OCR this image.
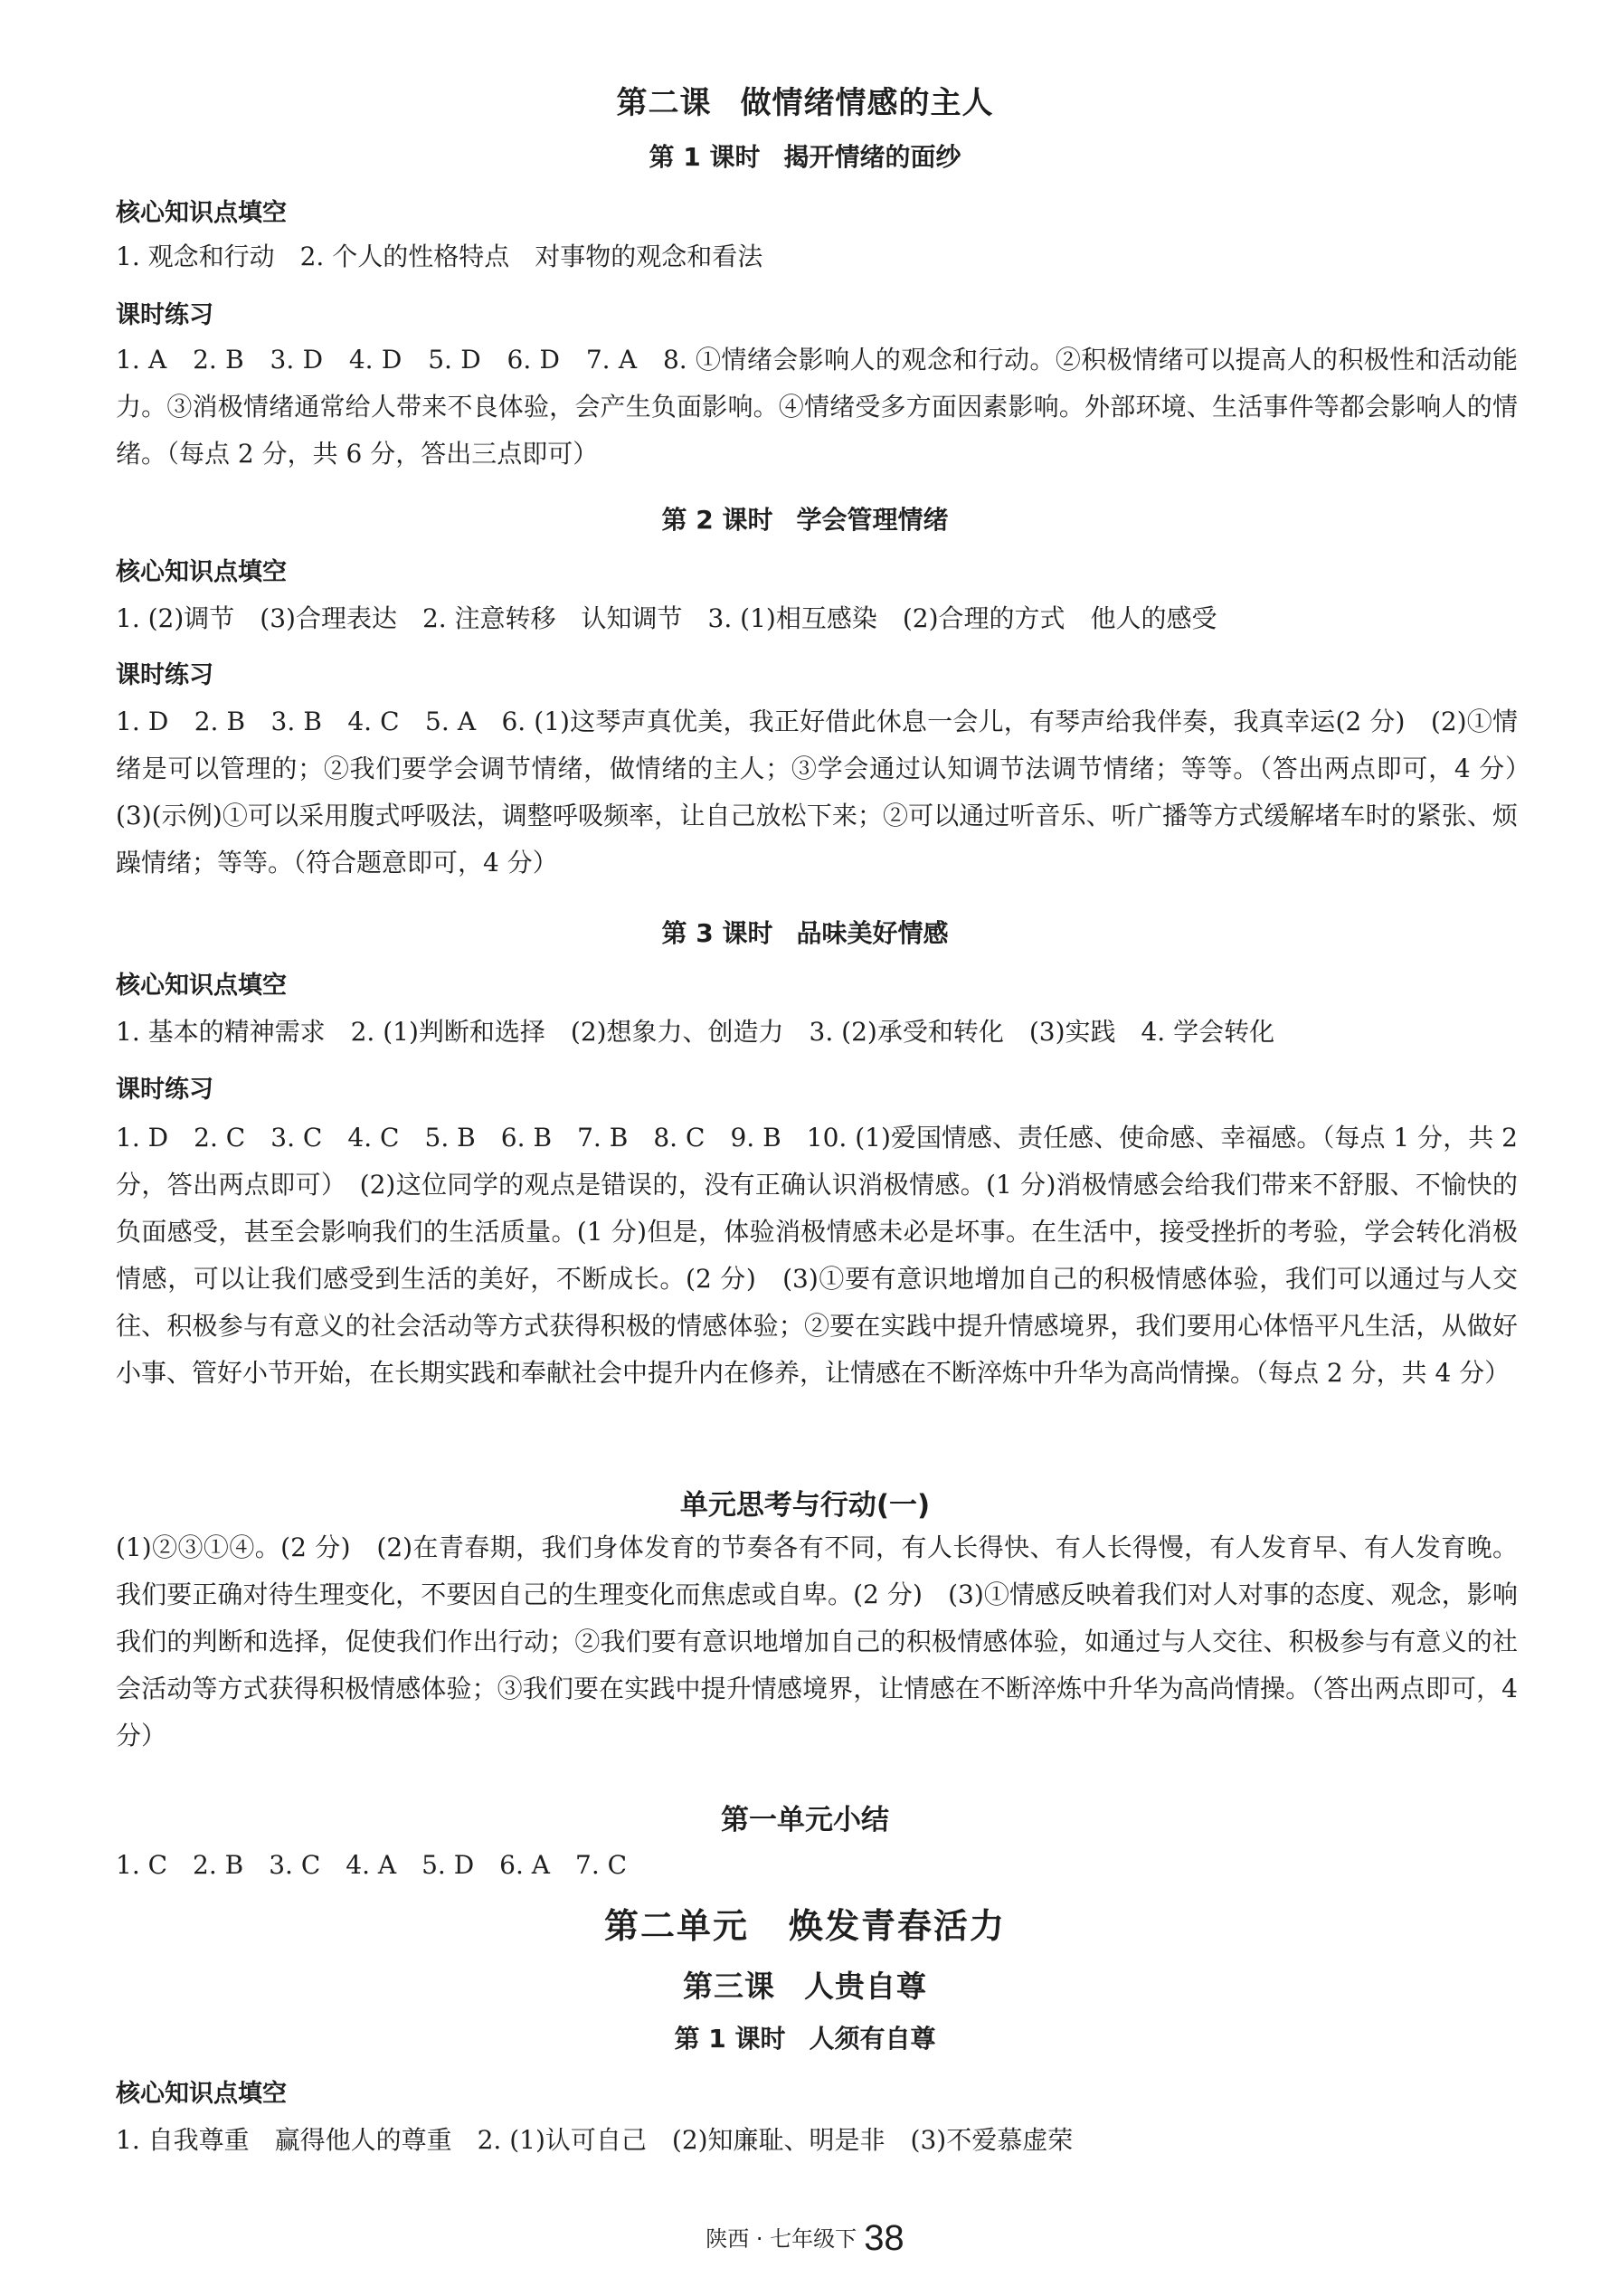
第二课 做情绪情感的主人
第 1 课时 揭开情绪的面纱
核心知识点填空
1. 观念和行动　2. 个人的性格特点　对事物的观念和看法
课时练习
1. A　2. B　3. D　4. D　5. D　6. D　7. A　8. ①情绪会影响人的观念和行动。②积极情绪可以提高人的积极性和活动能力。③消极情绪通常给人带来不良体验，会产生负面影响。④情绪受多方面因素影响。外部环境、生活事件等都会影响人的情绪。（每点 2 分，共 6 分，答出三点即可）
第 2 课时 学会管理情绪
核心知识点填空
1. (2)调节　(3)合理表达　2. 注意转移　认知调节　3. (1)相互感染　(2)合理的方式　他人的感受
课时练习
1. D　2. B　3. B　4. C　5. A　6. (1)这琴声真优美，我正好借此休息一会儿，有琴声给我伴奏，我真幸运(2 分)　(2)①情绪是可以管理的；②我们要学会调节情绪，做情绪的主人；③学会通过认知调节法调节情绪；等等。（答出两点即可，4 分）　(3)(示例)①可以采用腹式呼吸法，调整呼吸频率，让自己放松下来；②可以通过听音乐、听广播等方式缓解堵车时的紧张、烦躁情绪；等等。（符合题意即可，4 分）
第 3 课时 品味美好情感
核心知识点填空
1. 基本的精神需求　2. (1)判断和选择　(2)想象力、创造力　3. (2)承受和转化　(3)实践　4. 学会转化
课时练习
1. D　2. C　3. C　4. C　5. B　6. B　7. B　8. C　9. B　10. (1)爱国情感、责任感、使命感、幸福感。（每点 1 分，共 2 分，答出两点即可）　(2)这位同学的观点是错误的，没有正确认识消极情感。(1 分)消极情感会给我们带来不舒服、不愉快的负面感受，甚至会影响我们的生活质量。(1 分)但是，体验消极情感未必是坏事。在生活中，接受挫折的考验，学会转化消极情感，可以让我们感受到生活的美好，不断成长。(2 分)　(3)①要有意识地增加自己的积极情感体验，我们可以通过与人交往、积极参与有意义的社会活动等方式获得积极的情感体验；②要在实践中提升情感境界，我们要用心体悟平凡生活，从做好小事、管好小节开始，在长期实践和奉献社会中提升内在修养，让情感在不断淬炼中升华为高尚情操。（每点 2 分，共 4 分）
单元思考与行动(一)
(1)②③①④。(2 分)　(2)在青春期，我们身体发育的节奏各有不同，有人长得快、有人长得慢，有人发育早、有人发育晚。我们要正确对待生理变化，不要因自己的生理变化而焦虑或自卑。(2 分)　(3)①情感反映着我们对人对事的态度、观念，影响我们的判断和选择，促使我们作出行动；②我们要有意识地增加自己的积极情感体验，如通过与人交往、积极参与有意义的社会活动等方式获得积极情感体验；③我们要在实践中提升情感境界，让情感在不断淬炼中升华为高尚情操。（答出两点即可，4 分）
第一单元小结
1. C　2. B　3. C　4. A　5. D　6. A　7. C
第二单元 焕发青春活力
第三课 人贵自尊
第 1 课时 人须有自尊
核心知识点填空
1. 自我尊重　赢得他人的尊重　2. (1)认可自己　(2)知廉耻、明是非　(3)不爱慕虚荣
陕西 · 七年级下 38
